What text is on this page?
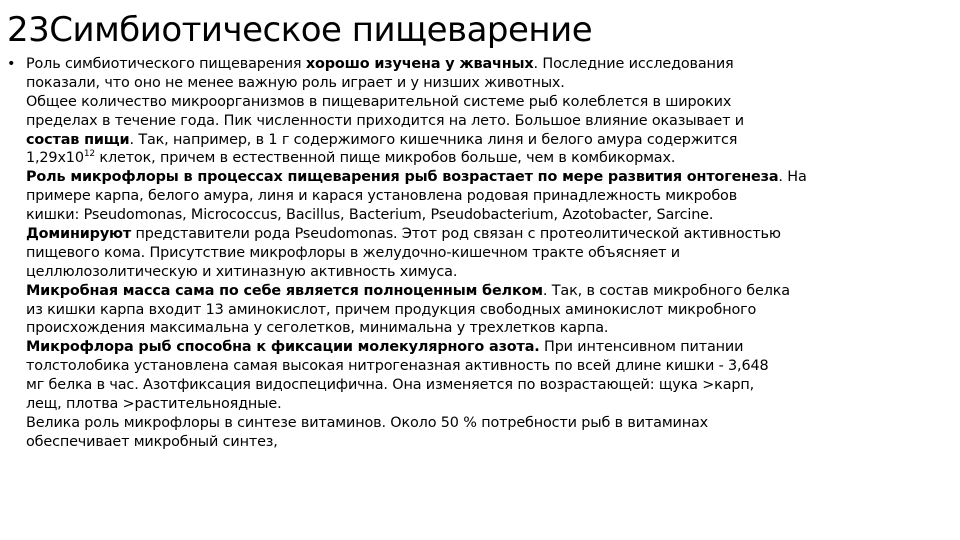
23Симбиотическое пищеварение
• Роль симбиотического пищеварения хорошо изучена у жвачных. Последние исследования
показали, что оно не менее важную роль играет и у низших животных.
Общее количество микроорганизмов в пищеварительной системе рыб колеблется в широких
пределах в течение года. Пик численности приходится на лето. Большое влияние оказывает и
состав пищи. Так, например, в 1 г содержимого кишечника линя и белого амура содержится
$1,29х10^{12}$ клеток, причем в естественной пище микробов больше, чем в комбикормах.
Роль микрофлоры в процессах пищеварения рыб возрастает по мере развития онтогенеза. На
примере карпа, белого амура, линя и карася установлена родовая принадлежность микробов
кишки: Pseudomonas, Micrococcus, Bacillus, Bacterium, Pseudobacterium, Azotobacter, Sarcine.
Доминируют представители рода Pseudomonas. Этот род связан с протеолитической активностью
пищевого кома. Присутствие микрофлоры в желудочно-кишечном тракте объясняет и
целлюлозолитическую и хитиназную активность химуса.
Микробная масса сама по себе является полноценным белком. Так, в состав микробного белка
из кишки карпа входит 13 аминокислот, причем продукция свободных аминокислот микробного
происхождения максимальна у сеголетков, минимальна у трехлетков карпа.
Микрофлора рыб способна к фиксации молекулярного азота. При интенсивном питании
толстолобика установлена самая высокая нитрогеназная активность по всей длине кишки - 3,648
мг белка в час. Азотфиксация видоспецифична. Она изменяется по возрастающей: щука >карп,
лещ, плотва >растительноядные.
Велика роль микрофлоры в синтезе витаминов. Около 50 % потребности рыб в витаминах
обеспечивает микробный синтез,
